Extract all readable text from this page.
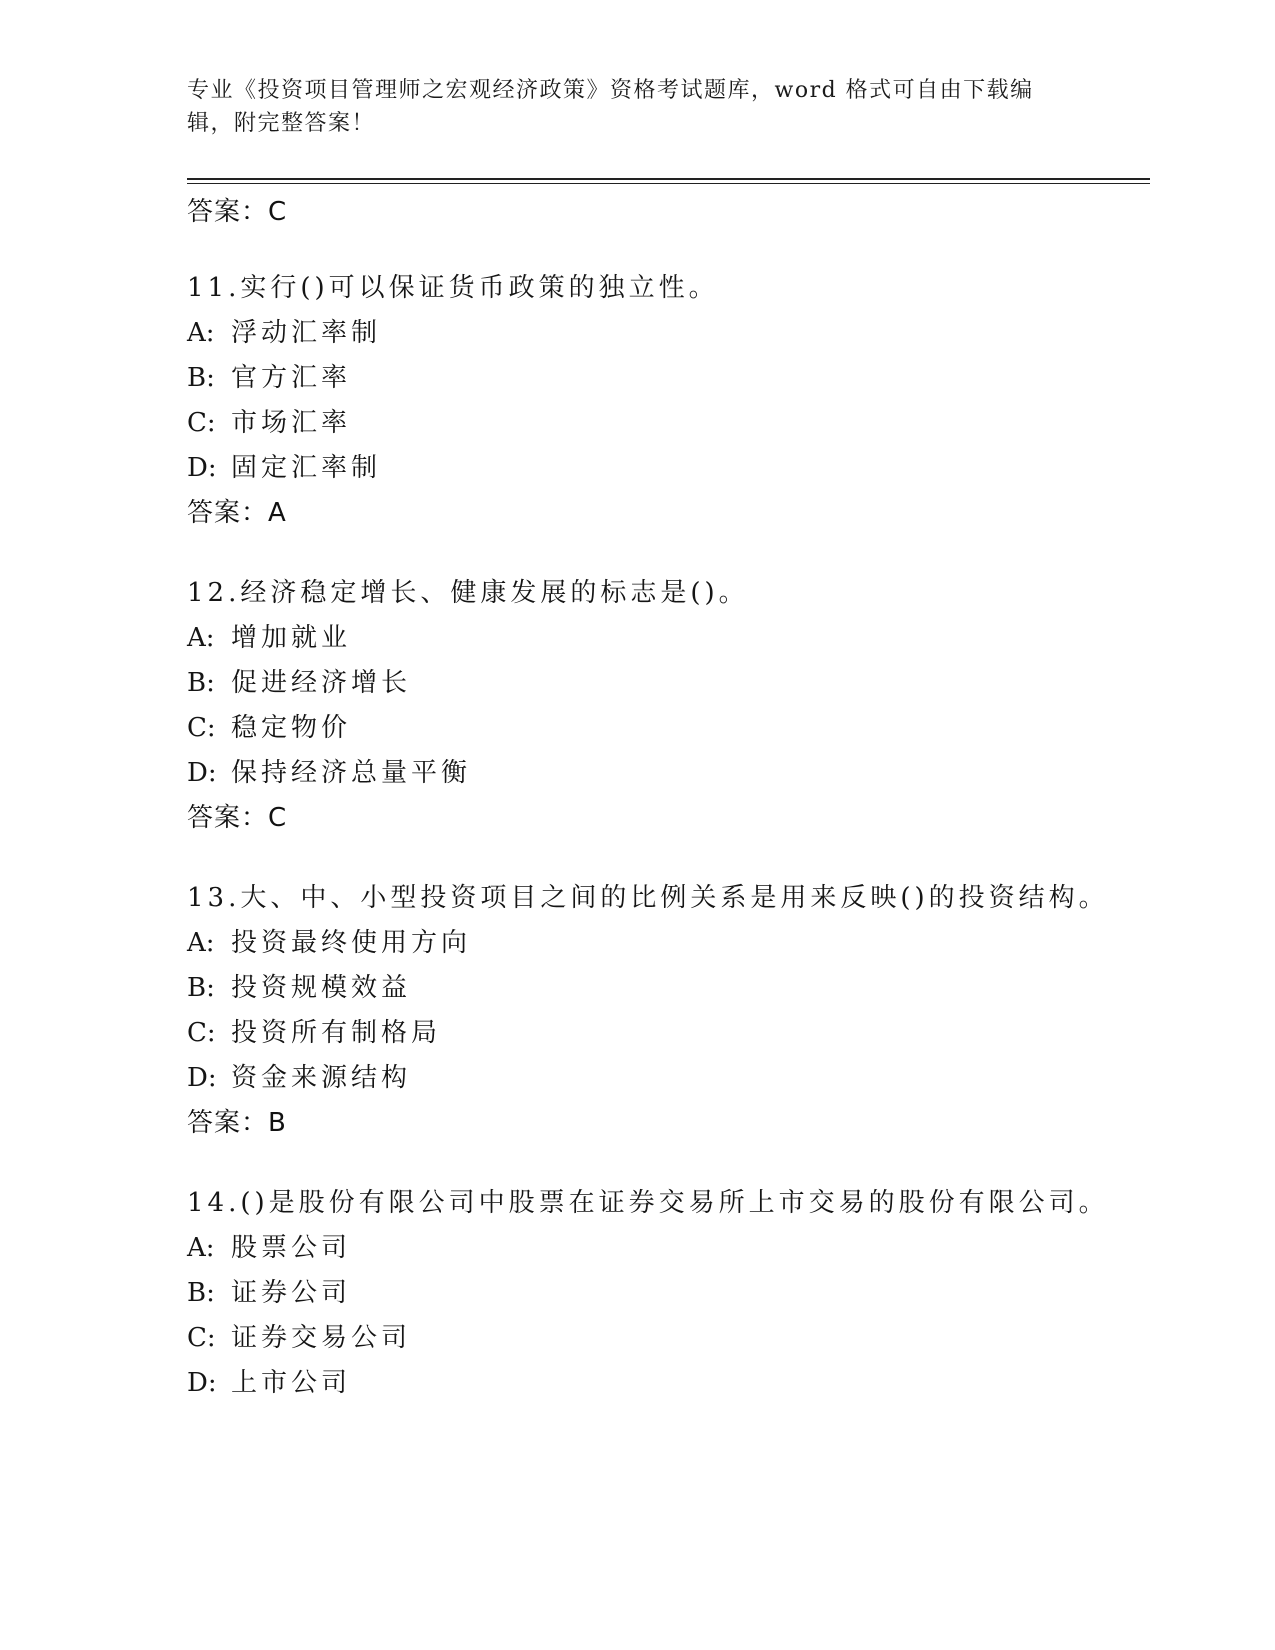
专业《投资项目管理师之宏观经济政策》资格考试题库，word 格式可自由下载编
辑，附完整答案！
答案：C
11.实行()可以保证货币政策的独立性。
A: 浮动汇率制
B: 官方汇率
C: 市场汇率
D: 固定汇率制
答案：A
12.经济稳定增长、健康发展的标志是()。
A: 增加就业
B: 促进经济增长
C: 稳定物价
D: 保持经济总量平衡
答案：C
13.大、中、小型投资项目之间的比例关系是用来反映()的投资结构。
A: 投资最终使用方向
B: 投资规模效益
C: 投资所有制格局
D: 资金来源结构
答案：B
14.()是股份有限公司中股票在证券交易所上市交易的股份有限公司。
A: 股票公司
B: 证券公司
C: 证券交易公司
D: 上市公司
